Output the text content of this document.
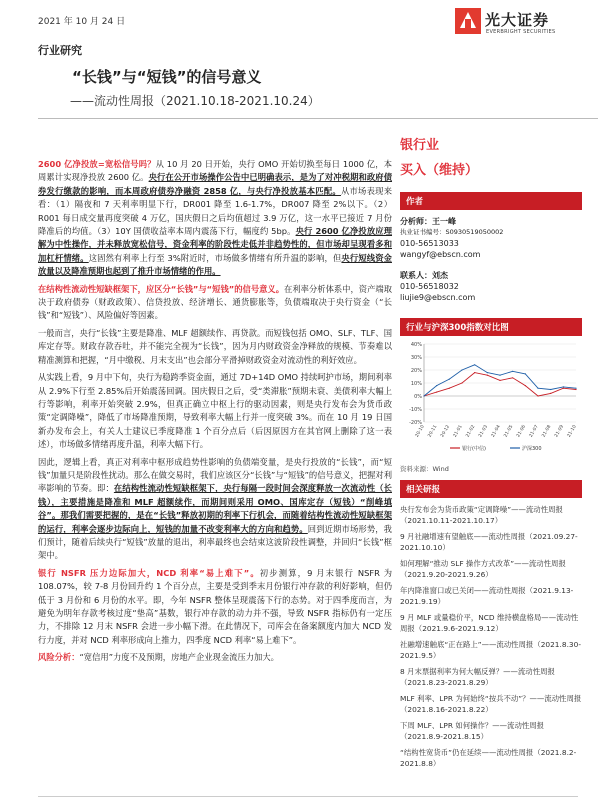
2021 年 10 月 24 日	光大证券
EVERBRIGHT SECURITIES
行业研究
“长钱”与“短钱”的信号意义
——流动性周报（2021.10.18-2021.10.24）

2600 亿净投放=宽松信号吗？从 10 月 20 日开始，央行 OMO 开始切换至每日 1000 亿，本周累计实现净投放 2600 亿。央行在公开市场操作公告中已明确表示，是为了对冲税期和政府债券发行缴款的影响，而本周政府债券净融资 2858 亿，与央行净投放基本匹配。从市场表现来看：（1）隔夜和 7 天利率明显下行，DR001 降至 1.6-1.7%，DR007 降至 2%以下。（2）R001 每日成交量再度突破 4 万亿，国庆假日之后均值超过 3.9 万亿，这一水平已接近 7 月份降准后的均值。（3）10Y 国债收益率本周内震荡下行，幅度约 5bp。央行 2600 亿净投放应理解为中性操作，并未释放宽松信号，资金利率的阶段性走低并非趋势性的，但市场却呈现看多和加杠杆情绪。这固然有利率上行至 3%附近时，市场做多情绪有所升温的影响，但央行短线资金放量以及降准预期也起到了推升市场情绪的作用。

在结构性流动性短缺框架下，应区分“长钱”与“短钱”的信号意义。在利率分析体系中，资产端取决于政府债券（财政政策）、信贷投放、经济增长、通货膨胀等，负债端取决于央行资金（“长钱”和“短钱”）、风险偏好等因素。

一般而言，央行“长钱”主要是降准、MLF 超额续作、再贷款。而短钱包括 OMO、SLF、TLF、国库定存等。财政存款吞吐，并不能完全视为“长钱”，因为月内财政资金净释放的规模、节奏难以精准测算和把握，“月中缴税、月末支出”也会部分平滑掉财政资金对流动性的利好效应。

从实践上看，9 月中下旬，央行为稳跨季资金面，通过 7D+14D OMO 持续呵护市场，期间利率从 2.9%下行至 2.85%后开始震荡回调。国庆假日之后，受“类滞胀”预期未衰、美债利率大幅上行等影响，利率开始突破 2.9%，但真正确立中枢上行的驱动因素，则是央行发布会为货币政策“定调降噪”，降低了市场降准预期，导致利率大幅上行并一度突破 3%。而在 10 月 19 日国新办发布会上，有关人士建议已季度降准 1 个百分点后（后因原因方在其官网上删除了这一表述），市场做多情绪再度升温，利率大幅下行。

因此，逻辑上看，真正对利率中枢形成趋势性影响的负债端变量，是央行投放的“长钱”，而“短钱”加量只是阶段性扰动。那么在做交易时，我们应该区分“长钱”与“短钱”的信号意义，把握对利率影响的节奏。即：在结构性流动性短缺框架下，央行每隔一段时间会深度释放一次流动性（长钱），主要措施是降准和 MLF 超额续作，而期间则采用 OMO、国库定存（短钱）“削峰填谷”。那我们需要把握的，是在“长钱”释放初期的利率下行机会，而随着结构性流动性短缺框架的运行，利率会逐步边际向上，短钱的加量不改变利率大的方向和趋势。回到近期市场形势，我们预计，随着后续央行“短钱”放量的退出，利率最终也会结束这波阶段性调整，并回归“长钱”框架中。

银行 NSFR 压力边际加大，NCD 利率“易上难下”。初步测算，9 月末银行 NSFR 为 108.07%，较 7-8 月份回升约 1 个百分点，主要是受到季末月份银行冲存款的利好影响，但仍低于 3 月份和 6 月份的水平。即，今年 NSFR 整体呈现震荡下行的态势。对于四季度而言，为避免为明年存款考核过度“垫高”基数，银行冲存款的动力并不强，导致 NSFR 指标仍有一定压力，不排除 12 月末 NSFR 会进一步小幅下滑。在此情况下，司库会在备案额度内加大 NCD 发行力度，并对 NCD 利率形成向上推力，四季度 NCD 利率“易上难下”。

风险分析：“宽信用”力度不及预期，房地产企业现金流压力加大。

银行业
买入（维持）
作者
分析师：王一峰
执业证书编号：S0930519050002
010-56513033
wangyf@ebscn.com
联系人：刘杰
010-56518032
liujie9@ebscn.com
行业与沪深300指数对比图
40%
30%
20%
10%
0%
-10%
-20%
20-10 20-11 20-12 21-01 21-02 21-03 21-04 21-05 21-06 21-07 21-08 21-09 21-10
银行(中信)	沪深300
资料来源：Wind
相关研报
央行发布会为货币政策“定调降噪”——流动性周报（2021.10.11-2021.10.17）
9 月社融增速有望触底——流动性周报（2021.09.27-2021.10.10）
如何理解“推动 SLF 操作方式改革”——流动性周报（2021.9.20-2021.9.26）
年内降准窗口或已关闭——流动性周报（2021.9.13-2021.9.19）
9 月 MLF 或量稳价平，NCD 维持横盘格局——流动性周报（2021.9.6-2021.9.12）
社融增速触底“正在路上”——流动性周报（2021.8.30-2021.9.5）
8 月末票据利率为何大幅反弹？——流动性周报（2021.8.23-2021.8.29）
MLF 利率、LPR 为何始终“按兵不动”？——流动性周报（2021.8.16-2021.8.22）
下周 MLF、LPR 如何操作？——流动性周报（2021.8.9-2021.8.15）
“结构性宽货币”仍在延续——流动性周报（2021.8.2-2021.8.8）
